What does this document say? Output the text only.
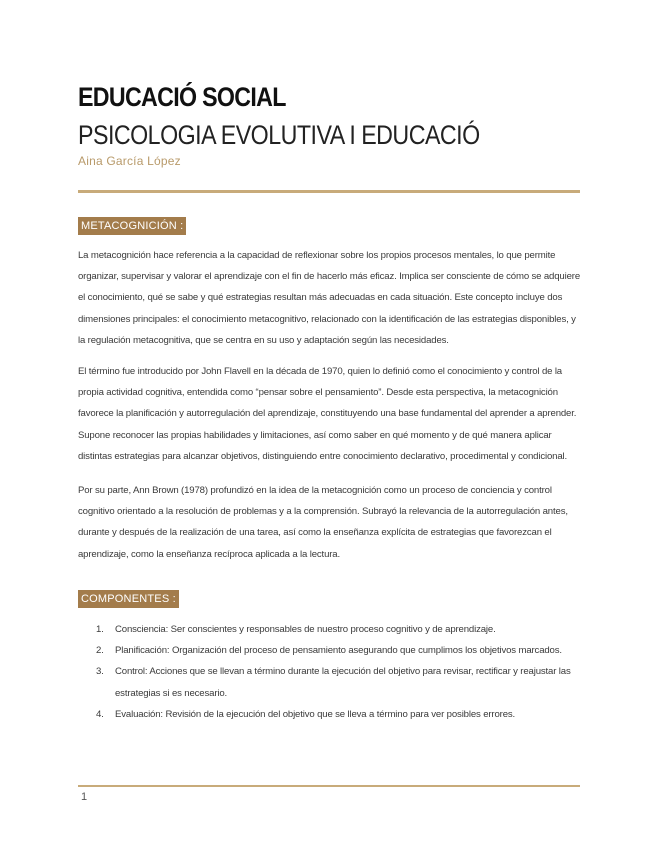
EDUCACIÓ SOCIAL
PSICOLOGIA EVOLUTIVA I EDUCACIÓ
Aina García López
METACOGNICIÓN :

La metacognición hace referencia a la capacidad de reflexionar sobre los propios procesos mentales, lo que permite organizar, supervisar y valorar el aprendizaje con el fin de hacerlo más eficaz. Implica ser consciente de cómo se adquiere el conocimiento, qué se sabe y qué estrategias resultan más adecuadas en cada situación. Este concepto incluye dos dimensiones principales: el conocimiento metacognitivo, relacionado con la identificación de las estrategias disponibles, y la regulación metacognitiva, que se centra en su uso y adaptación según las necesidades.

El término fue introducido por John Flavell en la década de 1970, quien lo definió como el conocimiento y control de la propia actividad cognitiva, entendida como “pensar sobre el pensamiento”. Desde esta perspectiva, la metacognición favorece la planificación y autorregulación del aprendizaje, constituyendo una base fundamental del aprender a aprender. Supone reconocer las propias habilidades y limitaciones, así como saber en qué momento y de qué manera aplicar distintas estrategias para alcanzar objetivos, distinguiendo entre conocimiento declarativo, procedimental y condicional.

Por su parte, Ann Brown (1978) profundizó en la idea de la metacognición como un proceso de conciencia y control cognitivo orientado a la resolución de problemas y a la comprensión. Subrayó la relevancia de la autorregulación antes, durante y después de la realización de una tarea, así como la enseñanza explícita de estrategias que favorezcan el aprendizaje, como la enseñanza recíproca aplicada a la lectura.

COMPONENTES :
1. Consciencia: Ser conscientes y responsables de nuestro proceso cognitivo y de aprendizaje.
2. Planificación: Organización del proceso de pensamiento asegurando que cumplimos los objetivos marcados.
3. Control: Acciones que se llevan a término durante la ejecución del objetivo para revisar, rectificar y reajustar las estrategias si es necesario.
4. Evaluación: Revisión de la ejecución del objetivo que se lleva a término para ver posibles errores.
1
